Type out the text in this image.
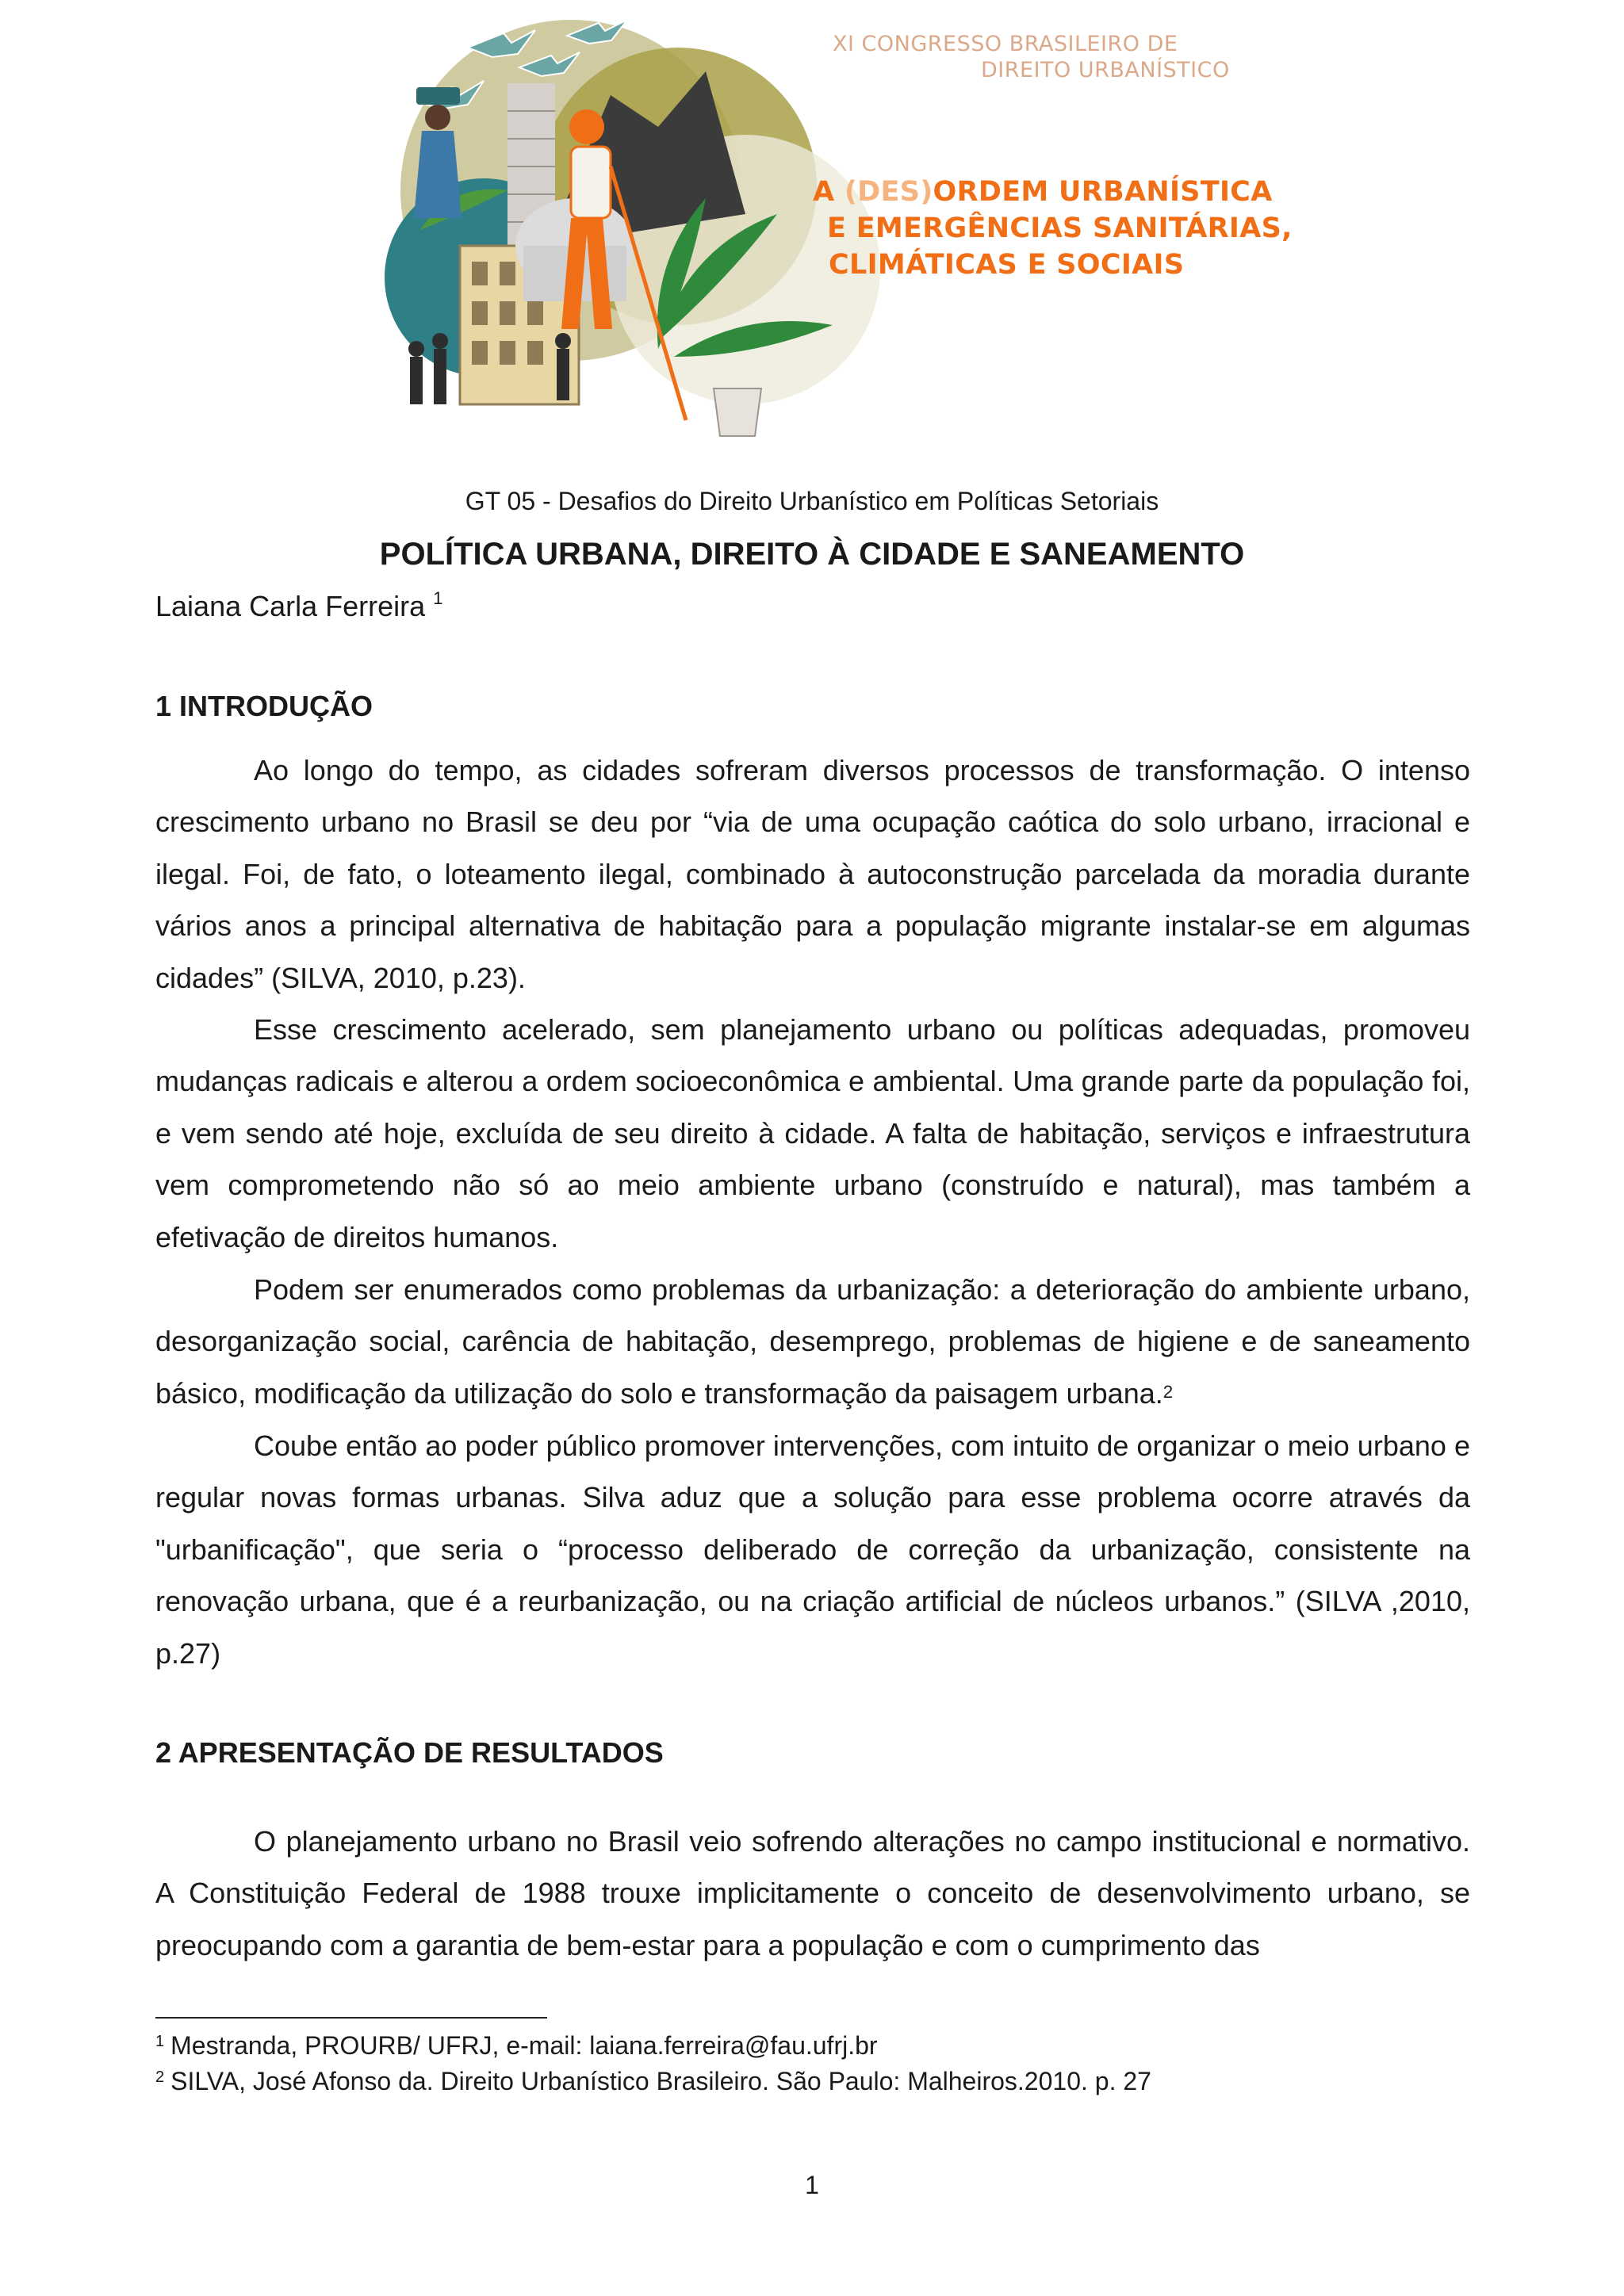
XI CONGRESSO BRASILEIRO DE
DIREITO URBANÍSTICO
A (DES)ORDEM URBANÍSTICA
E EMERGÊNCIAS SANITÁRIAS,
CLIMÁTICAS E SOCIAIS
GT 05 - Desafios do Direito Urbanístico em Políticas Setoriais
POLÍTICA URBANA, DIREITO À CIDADE E SANEAMENTO
Laiana Carla Ferreira $^1$
1 INTRODUÇÃO
Ao longo do tempo, as cidades sofreram diversos processos de transformação. O intenso crescimento urbano no Brasil se deu por “via de uma ocupação caótica do solo urbano, irracional e ilegal. Foi, de fato, o loteamento ilegal, combinado à autoconstrução parcelada da moradia durante vários anos a principal alternativa de habitação para a população migrante instalar-se em algumas cidades” (SILVA, 2010, p.23).
Esse crescimento acelerado, sem planejamento urbano ou políticas adequadas, promoveu mudanças radicais e alterou a ordem socioeconômica e ambiental. Uma grande parte da população foi, e vem sendo até hoje, excluída de seu direito à cidade. A falta de habitação, serviços e infraestrutura vem comprometendo não só ao meio ambiente urbano (construído e natural), mas também a efetivação de direitos humanos.
Podem ser enumerados como problemas da urbanização: a deterioração do ambiente urbano, desorganização social, carência de habitação, desemprego, problemas de higiene e de saneamento básico, modificação da utilização do solo e transformação da paisagem urbana.$^2$
Coube então ao poder público promover intervenções, com intuito de organizar o meio urbano e regular novas formas urbanas. Silva aduz que a solução para esse problema ocorre através da "urbanificação", que seria o “processo deliberado de correção da urbanização, consistente na renovação urbana, que é a reurbanização, ou na criação artificial de núcleos urbanos.” (SILVA ,2010, p.27)
2 APRESENTAÇÃO DE RESULTADOS
O planejamento urbano no Brasil veio sofrendo alterações no campo institucional e normativo. A Constituição Federal de 1988 trouxe implicitamente o conceito de desenvolvimento urbano, se preocupando com a garantia de bem-estar para a população e com o cumprimento das
$^1$ Mestranda, PROURB/ UFRJ, e-mail: laiana.ferreira@fau.ufrj.br
$^2$ SILVA, José Afonso da. Direito Urbanístico Brasileiro. São Paulo: Malheiros.2010. p. 27
1
